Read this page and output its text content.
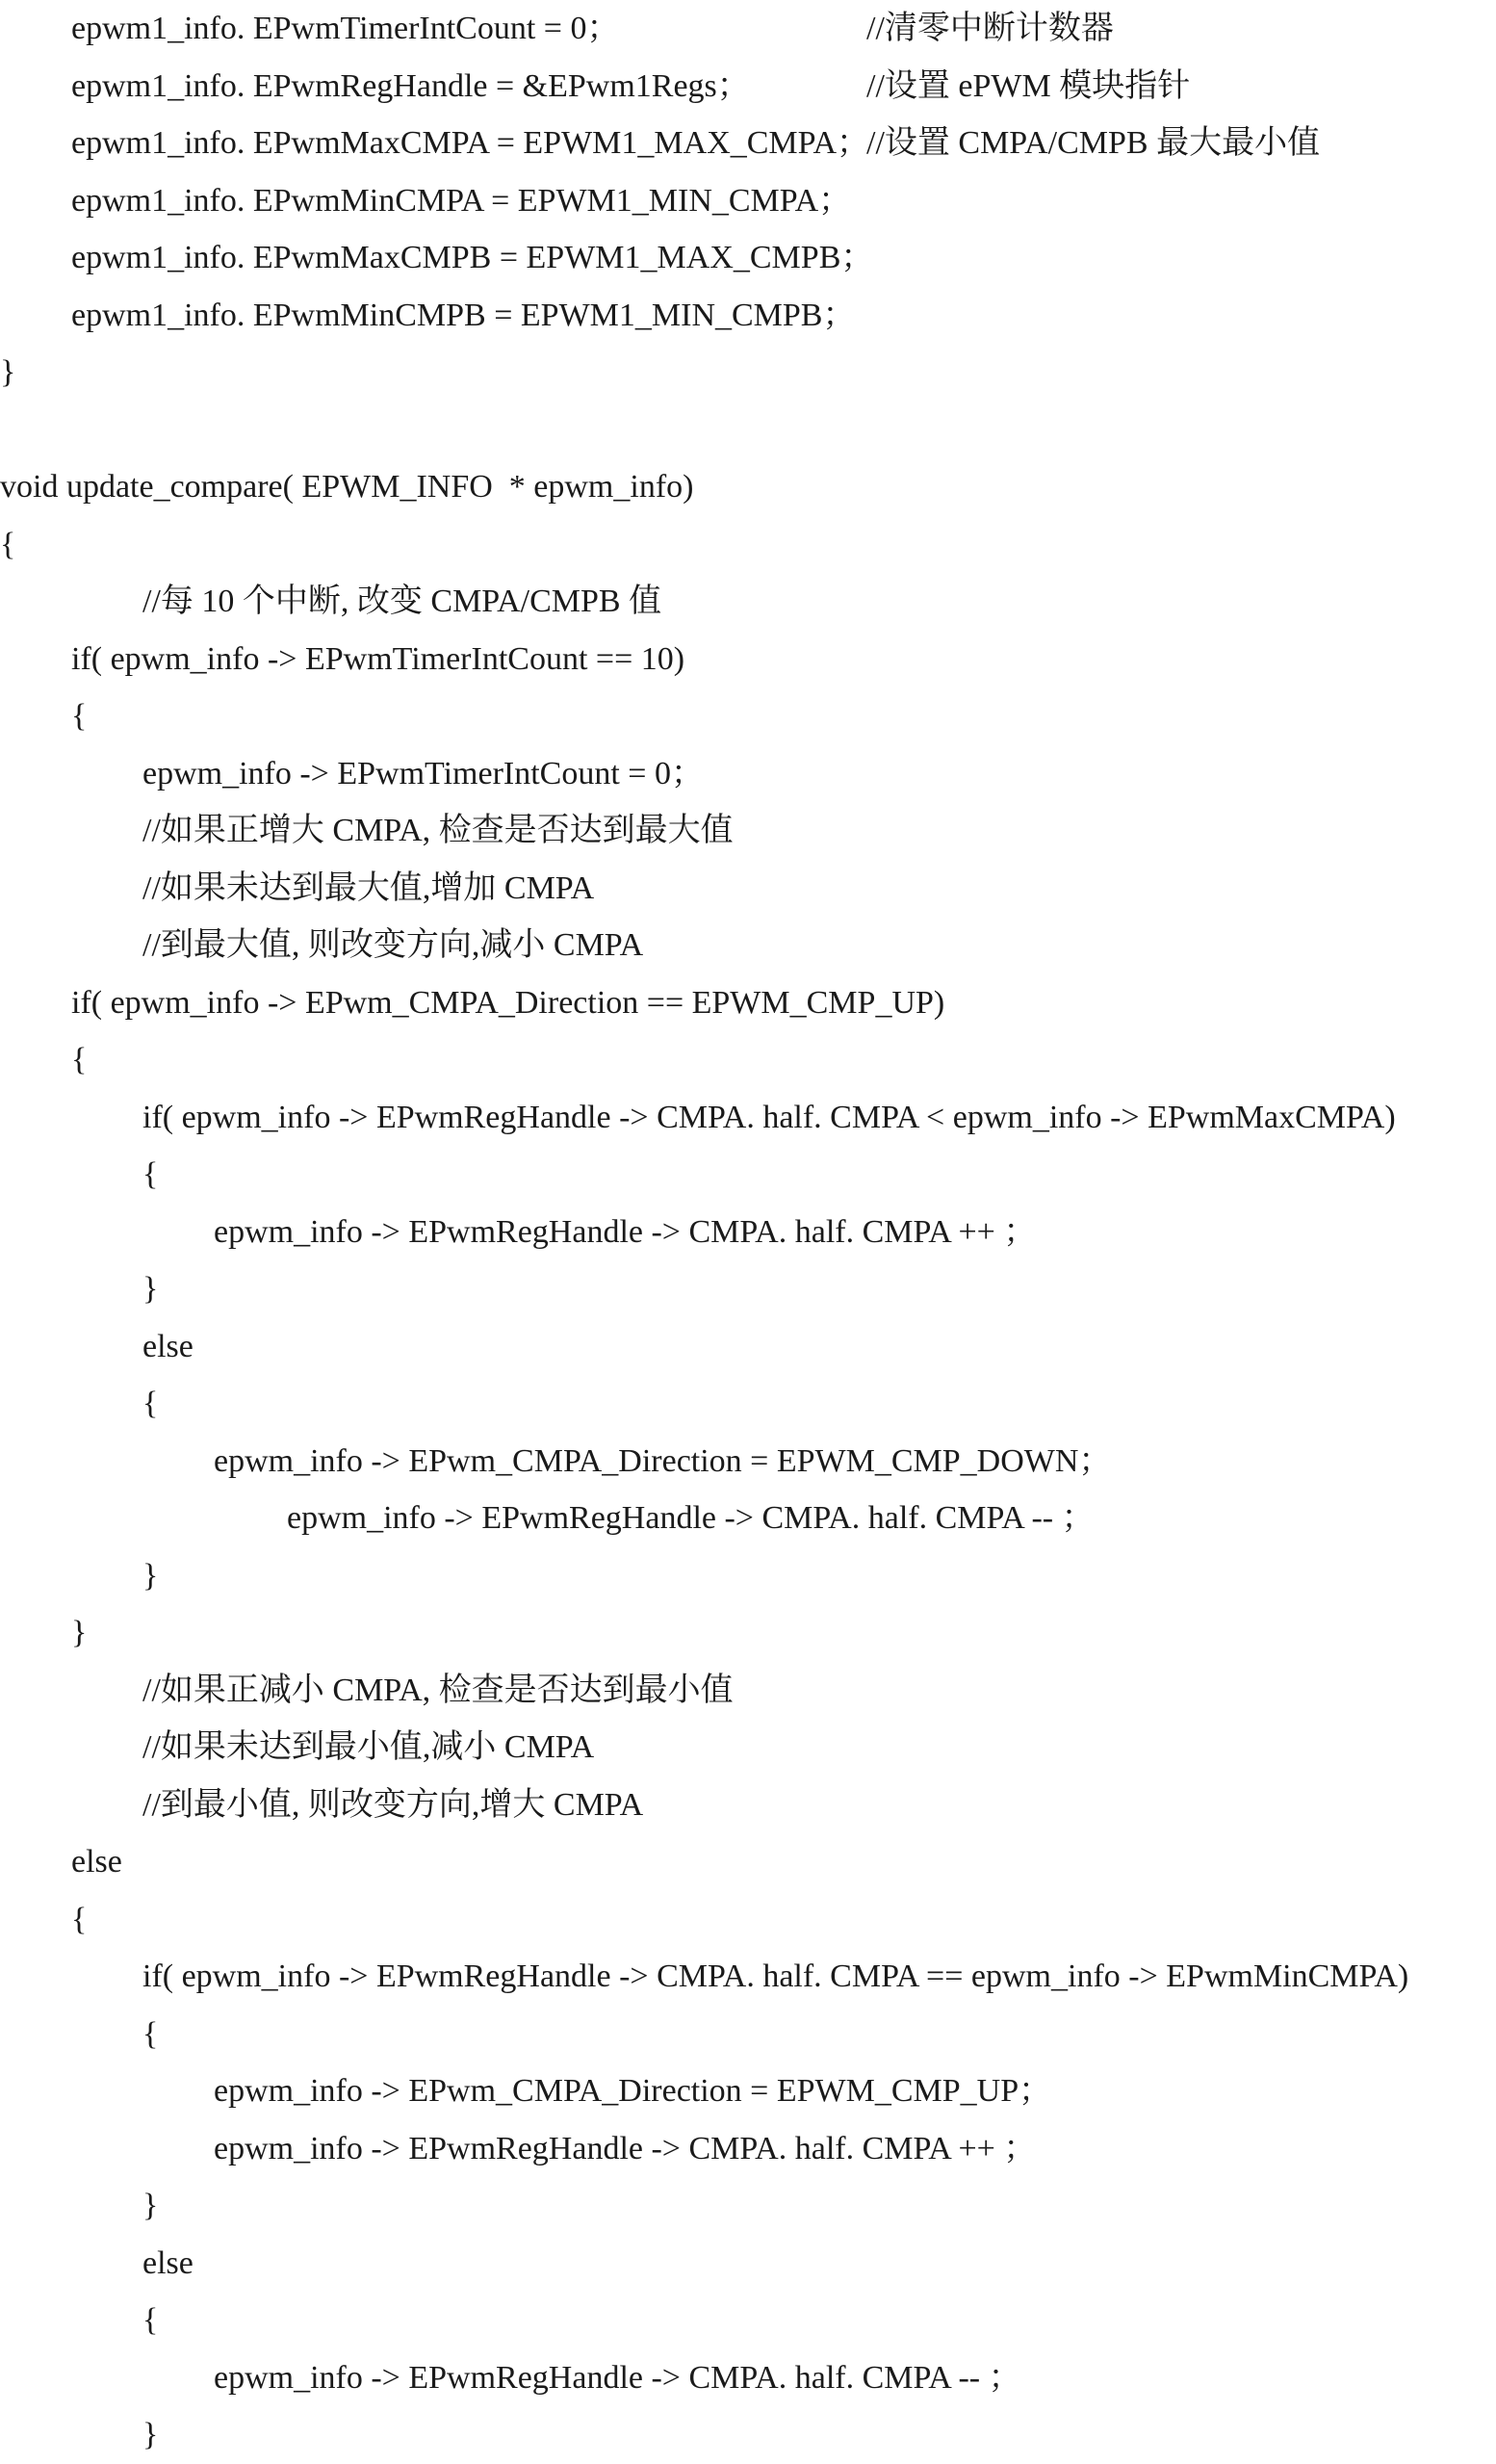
epwm1_info. EPwmTimerIntCount = 0；	//清零中断计数器
epwm1_info. EPwmRegHandle = &EPwm1Regs；	//设置 ePWM 模块指针
epwm1_info. EPwmMaxCMPA = EPWM1_MAX_CMPA；
//设置 CMPA/CMPB 最大最小值
epwm1_info. EPwmMinCMPA = EPWM1_MIN_CMPA；
epwm1_info. EPwmMaxCMPB = EPWM1_MAX_CMPB；
epwm1_info. EPwmMinCMPB = EPWM1_MIN_CMPB；
}
void update_compare( EPWM_INFO  * epwm_info)
{
//每 10 个中断, 改变 CMPA/CMPB 值
if( epwm_info -> EPwmTimerIntCount == 10)
{
epwm_info -> EPwmTimerIntCount = 0；
//如果正增大 CMPA, 检查是否达到最大值
//如果未达到最大值,增加 CMPA
//到最大值, 则改变方向,减小 CMPA
if( epwm_info -> EPwm_CMPA_Direction == EPWM_CMP_UP)
{
if( epwm_info -> EPwmRegHandle -> CMPA. half. CMPA < epwm_info -> EPwmMaxCMPA)
{
epwm_info -> EPwmRegHandle -> CMPA. half. CMPA ++ ；
}
else
{
epwm_info -> EPwm_CMPA_Direction = EPWM_CMP_DOWN；
epwm_info -> EPwmRegHandle -> CMPA. half. CMPA -- ；
}
}
//如果正减小 CMPA, 检查是否达到最小值
//如果未达到最小值,减小 CMPA
//到最小值, 则改变方向,增大 CMPA
else
{
if( epwm_info -> EPwmRegHandle -> CMPA. half. CMPA == epwm_info -> EPwmMinCMPA)
{
epwm_info -> EPwm_CMPA_Direction = EPWM_CMP_UP；
epwm_info -> EPwmRegHandle -> CMPA. half. CMPA ++ ；
}
else
{
epwm_info -> EPwmRegHandle -> CMPA. half. CMPA -- ；
}
